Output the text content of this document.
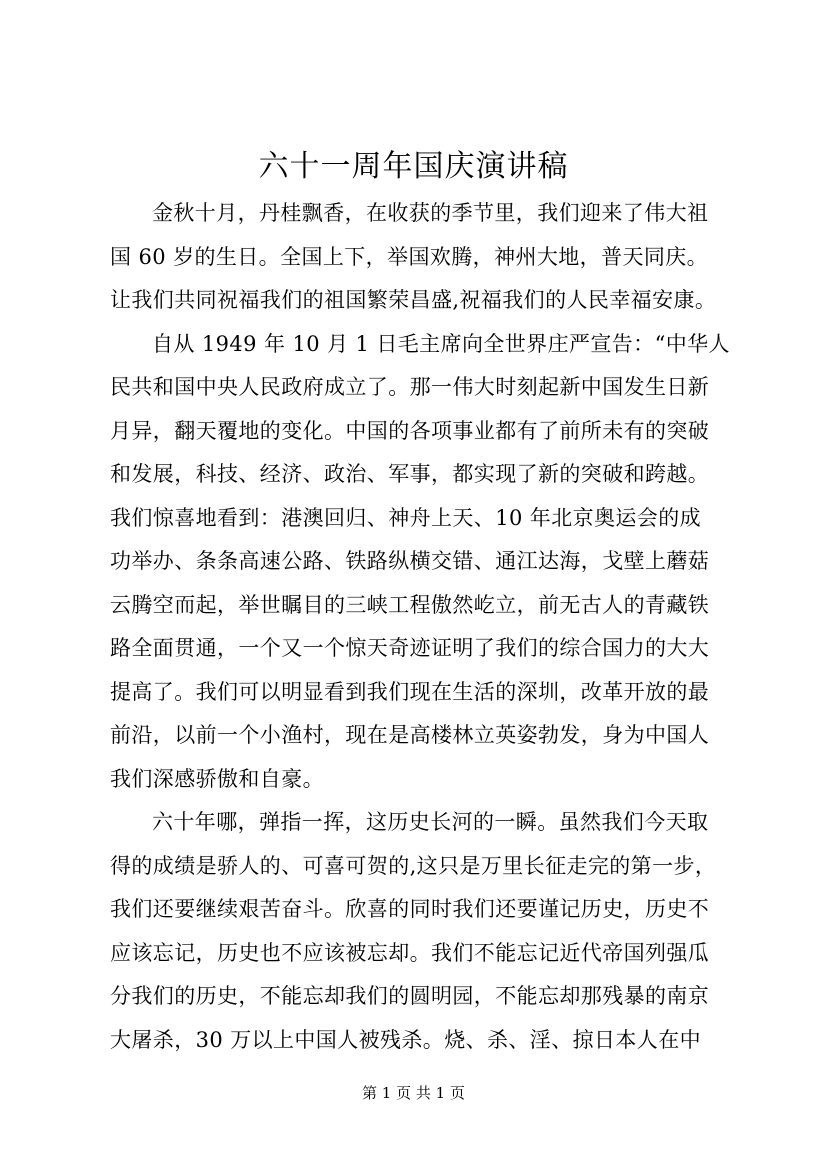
六十一周年国庆演讲稿
金秋十月，丹桂飘香，在收获的季节里，我们迎来了伟大祖
国 60 岁的生日。全国上下，举国欢腾，神州大地，普天同庆。
让我们共同祝福我们的祖国繁荣昌盛,祝福我们的人民幸福安康。
自从 1949 年 10 月 1 日毛主席向全世界庄严宣告：“中华人
民共和国中央人民政府成立了。那一伟大时刻起新中国发生日新
月异，翻天覆地的变化。中国的各项事业都有了前所未有的突破
和发展，科技、经济、政治、军事，都实现了新的突破和跨越。
我们惊喜地看到：港澳回归、神舟上天、10 年北京奥运会的成
功举办、条条高速公路、铁路纵横交错、通江达海，戈壁上蘑菇
云腾空而起，举世瞩目的三峡工程傲然屹立，前无古人的青藏铁
路全面贯通，一个又一个惊天奇迹证明了我们的综合国力的大大
提高了。我们可以明显看到我们现在生活的深圳，改革开放的最
前沿，以前一个小渔村，现在是高楼林立英姿勃发，身为中国人
我们深感骄傲和自豪。
六十年哪，弹指一挥，这历史长河的一瞬。虽然我们今天取
得的成绩是骄人的、可喜可贺的,这只是万里长征走完的第一步，
我们还要继续艰苦奋斗。欣喜的同时我们还要谨记历史，历史不
应该忘记，历史也不应该被忘却。我们不能忘记近代帝国列强瓜
分我们的历史，不能忘却我们的圆明园，不能忘却那残暴的南京
大屠杀，30 万以上中国人被残杀。烧、杀、淫、掠日本人在中
第 1 页 共 1 页
